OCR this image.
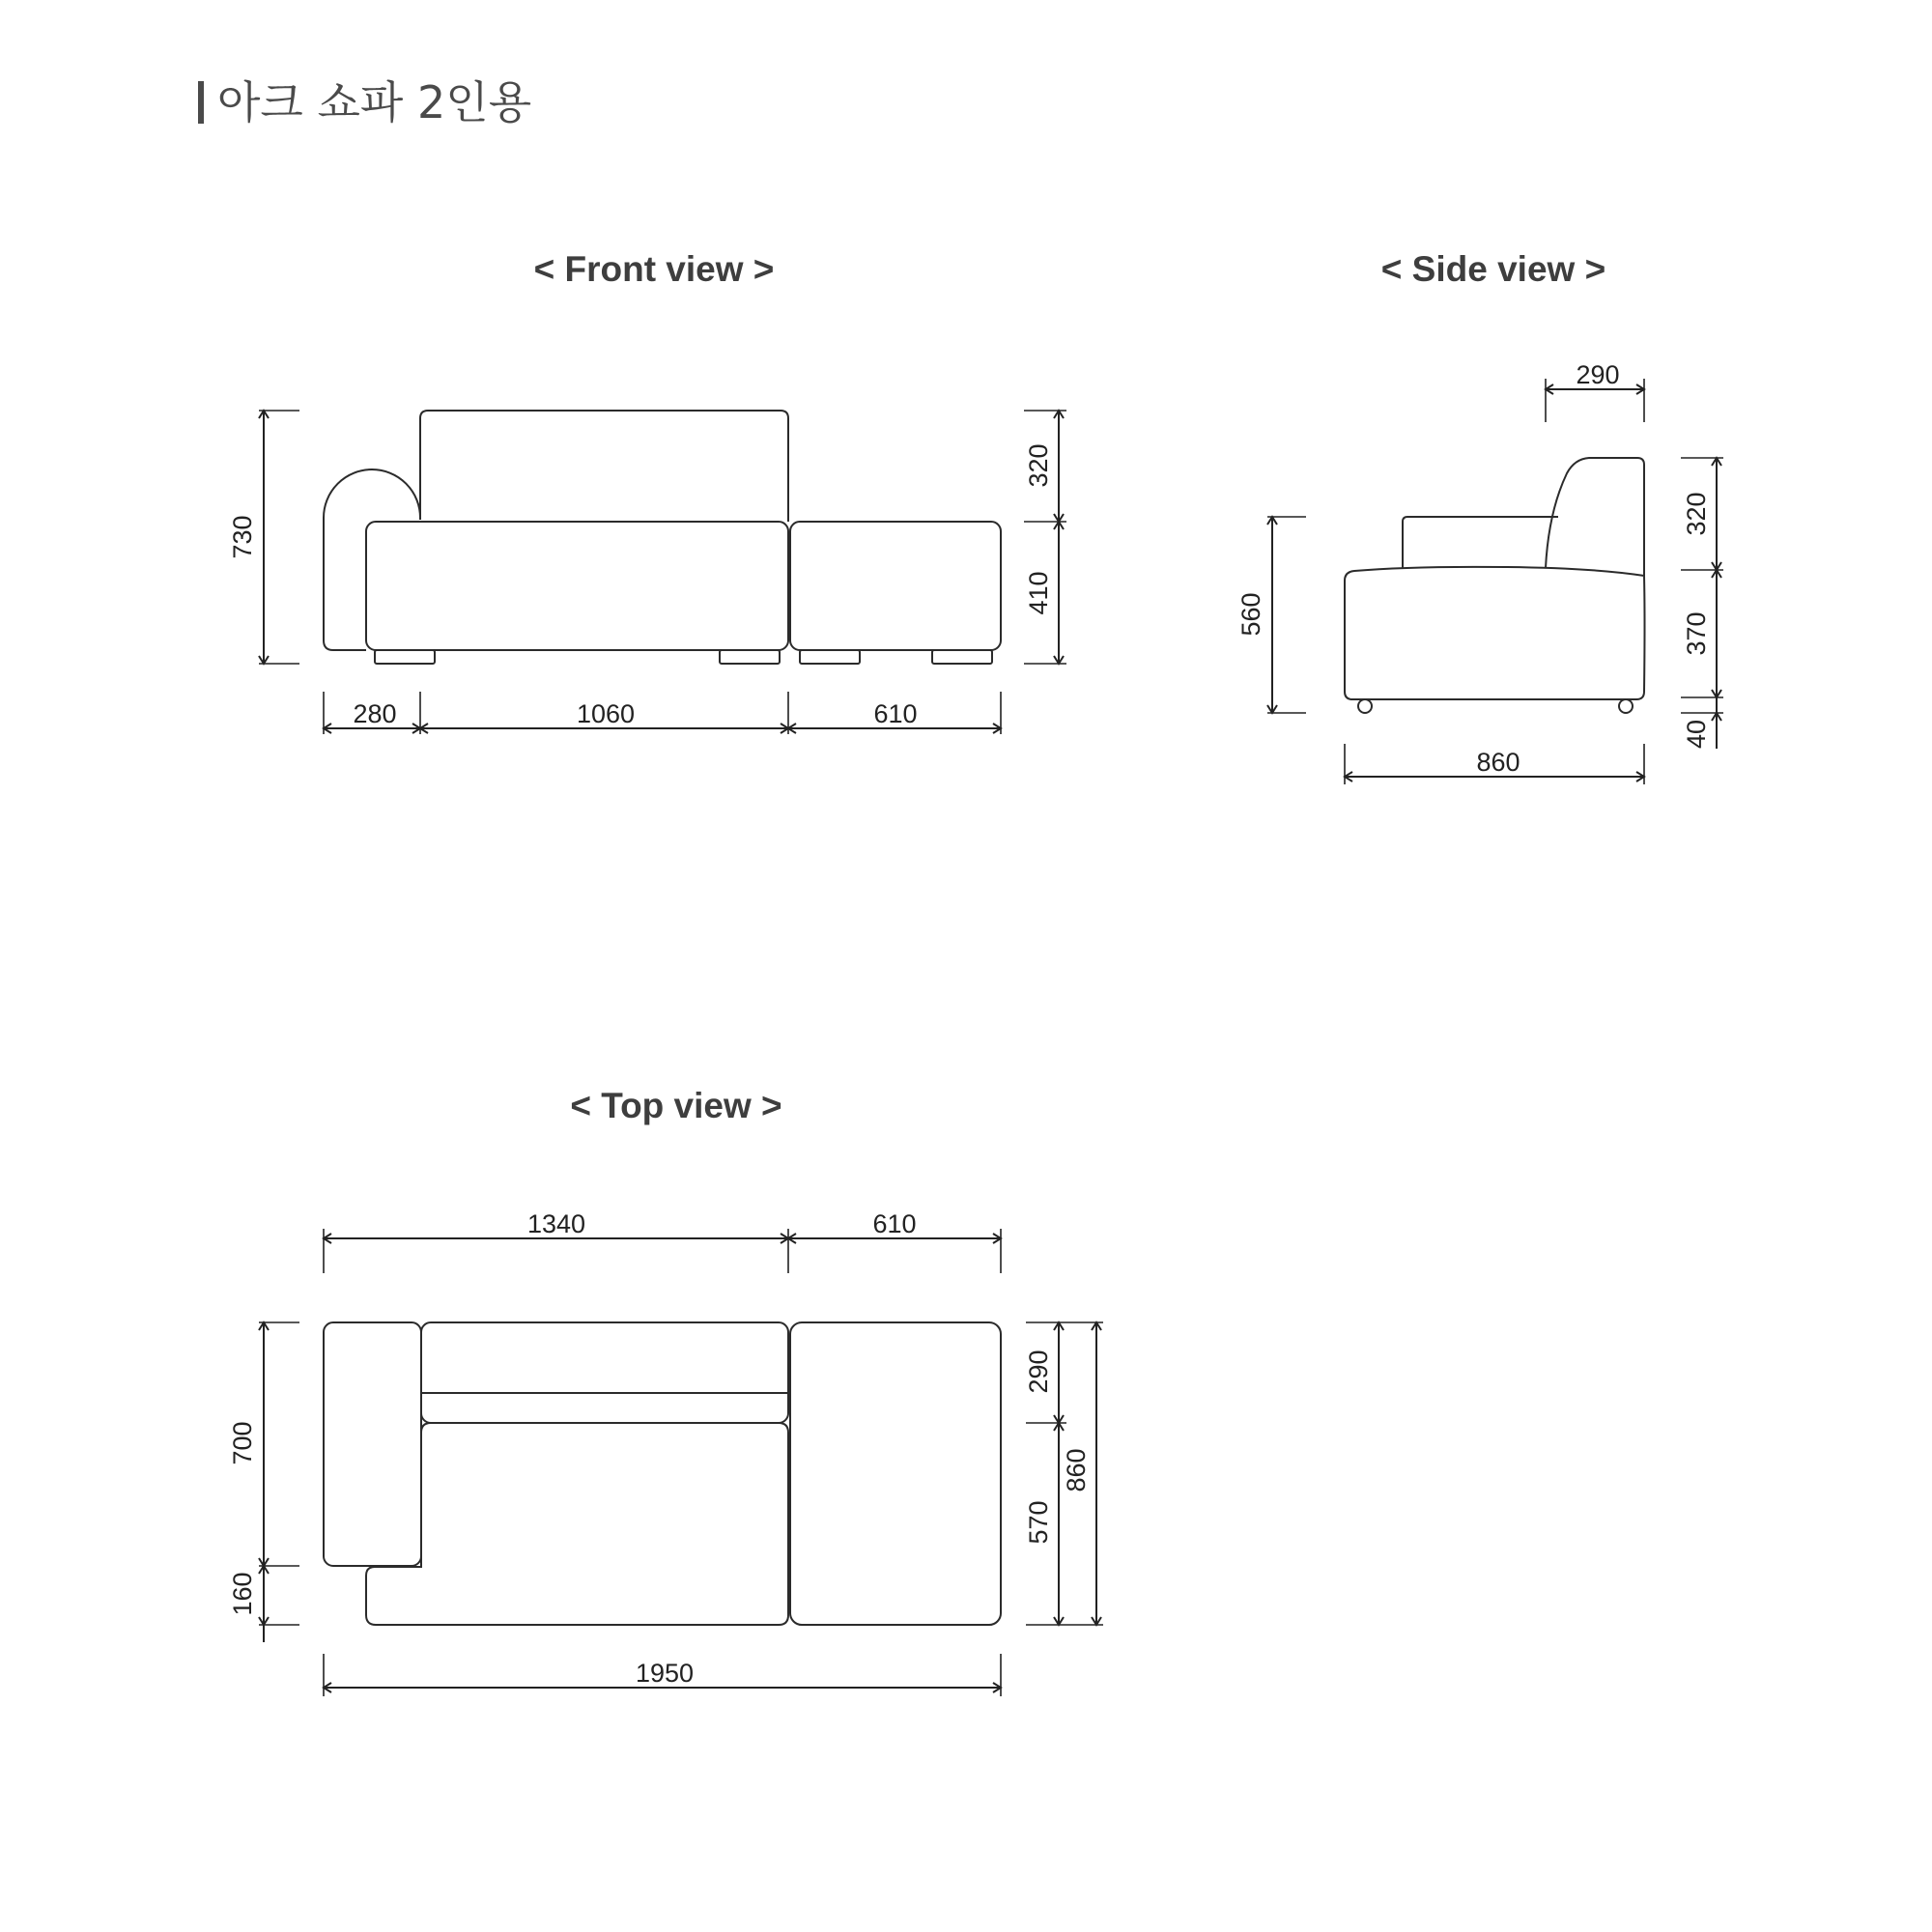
아크 쇼파 2인용
< Front view >	< Side view >
< Top view >
730
320
410
280	1060	610
290
560
320
370
40
860
1340	610
700
160
290
570
860
1950
